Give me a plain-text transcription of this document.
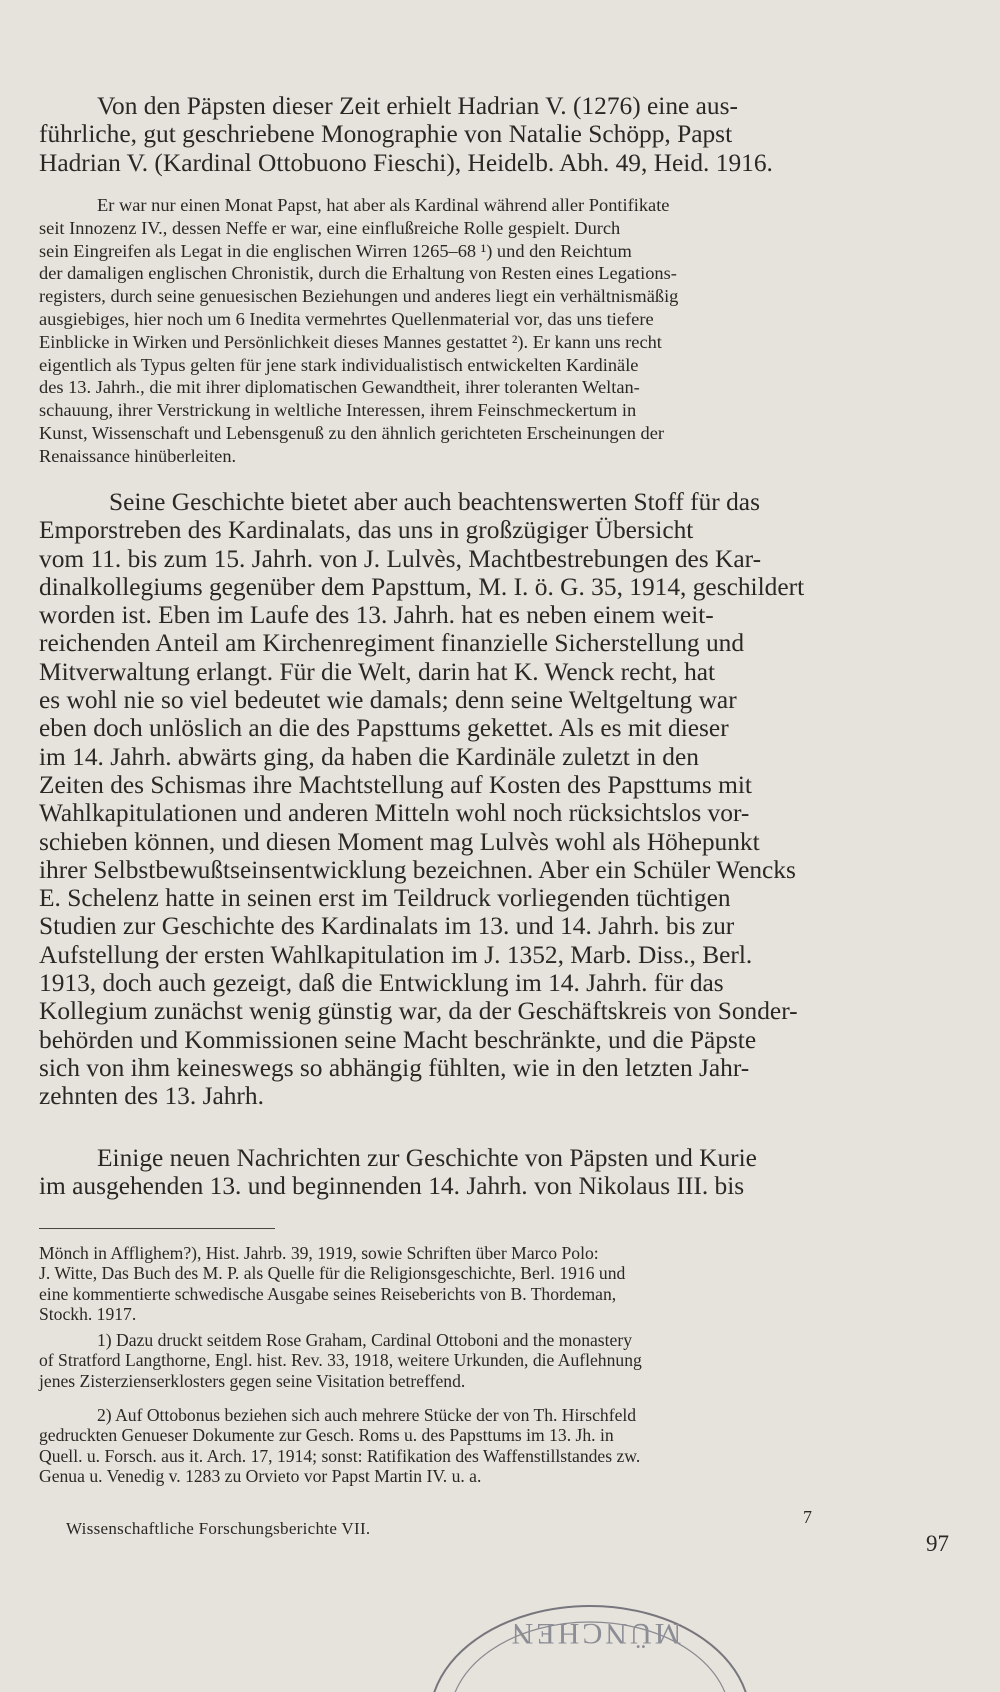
Von den Päpsten dieser Zeit erhielt Hadrian V. (1276) eine aus-
führliche, gut geschriebene Monographie von Natalie Schöpp, Papst
Hadrian V. (Kardinal Ottobuono Fieschi), Heidelb. Abh. 49, Heid. 1916.
Er war nur einen Monat Papst, hat aber als Kardinal während aller Pontifikate
seit Innozenz IV., dessen Neffe er war, eine einflußreiche Rolle gespielt. Durch
sein Eingreifen als Legat in die englischen Wirren 1265–68 ¹) und den Reichtum
der damaligen englischen Chronistik, durch die Erhaltung von Resten eines Legations-
registers, durch seine genuesischen Beziehungen und anderes liegt ein verhältnismäßig
ausgiebiges, hier noch um 6 Inedita vermehrtes Quellenmaterial vor, das uns tiefere
Einblicke in Wirken und Persönlichkeit dieses Mannes gestattet ²). Er kann uns recht
eigentlich als Typus gelten für jene stark individualistisch entwickelten Kardinäle
des 13. Jahrh., die mit ihrer diplomatischen Gewandtheit, ihrer toleranten Weltan-
schauung, ihrer Verstrickung in weltliche Interessen, ihrem Feinschmeckertum in
Kunst, Wissenschaft und Lebensgenuß zu den ähnlich gerichteten Erscheinungen der
Renaissance hinüberleiten.
Seine Geschichte bietet aber auch beachtenswerten Stoff für das
Emporstreben des Kardinalats, das uns in großzügiger Übersicht
vom 11. bis zum 15. Jahrh. von J. Lulvès, Machtbestrebungen des Kar-
dinalkollegiums gegenüber dem Papsttum, M. I. ö. G. 35, 1914, geschildert
worden ist. Eben im Laufe des 13. Jahrh. hat es neben einem weit-
reichenden Anteil am Kirchenregiment finanzielle Sicherstellung und
Mitverwaltung erlangt. Für die Welt, darin hat K. Wenck recht, hat
es wohl nie so viel bedeutet wie damals; denn seine Weltgeltung war
eben doch unlöslich an die des Papsttums gekettet. Als es mit dieser
im 14. Jahrh. abwärts ging, da haben die Kardinäle zuletzt in den
Zeiten des Schismas ihre Machtstellung auf Kosten des Papsttums mit
Wahlkapitulationen und anderen Mitteln wohl noch rücksichtslos vor-
schieben können, und diesen Moment mag Lulvès wohl als Höhepunkt
ihrer Selbstbewußtseinsentwicklung bezeichnen. Aber ein Schüler Wencks
E. Schelenz hatte in seinen erst im Teildruck vorliegenden tüchtigen
Studien zur Geschichte des Kardinalats im 13. und 14. Jahrh. bis zur
Aufstellung der ersten Wahlkapitulation im J. 1352, Marb. Diss., Berl.
1913, doch auch gezeigt, daß die Entwicklung im 14. Jahrh. für das
Kollegium zunächst wenig günstig war, da der Geschäftskreis von Sonder-
behörden und Kommissionen seine Macht beschränkte, und die Päpste
sich von ihm keineswegs so abhängig fühlten, wie in den letzten Jahr-
zehnten des 13. Jahrh.
Einige neuen Nachrichten zur Geschichte von Päpsten und Kurie
im ausgehenden 13. und beginnenden 14. Jahrh. von Nikolaus III. bis
Mönch in Afflighem?), Hist. Jahrb. 39, 1919, sowie Schriften über Marco Polo:
J. Witte, Das Buch des M. P. als Quelle für die Religionsgeschichte, Berl. 1916 und
eine kommentierte schwedische Ausgabe seines Reiseberichts von B. Thordeman,
Stockh. 1917.
1) Dazu druckt seitdem Rose Graham, Cardinal Ottoboni and the monastery
of Stratford Langthorne, Engl. hist. Rev. 33, 1918, weitere Urkunden, die Auflehnung
jenes Zisterzienserklosters gegen seine Visitation betreffend.
2) Auf Ottobonus beziehen sich auch mehrere Stücke der von Th. Hirschfeld
gedruckten Genueser Dokumente zur Gesch. Roms u. des Papsttums im 13. Jh. in
Quell. u. Forsch. aus it. Arch. 17, 1914; sonst: Ratifikation des Waffenstillstandes zw.
Genua u. Venedig v. 1283 zu Orvieto vor Papst Martin IV. u. a.
Wissenschaftliche Forschungsberichte VII.
7
97
MÜNCHEN
